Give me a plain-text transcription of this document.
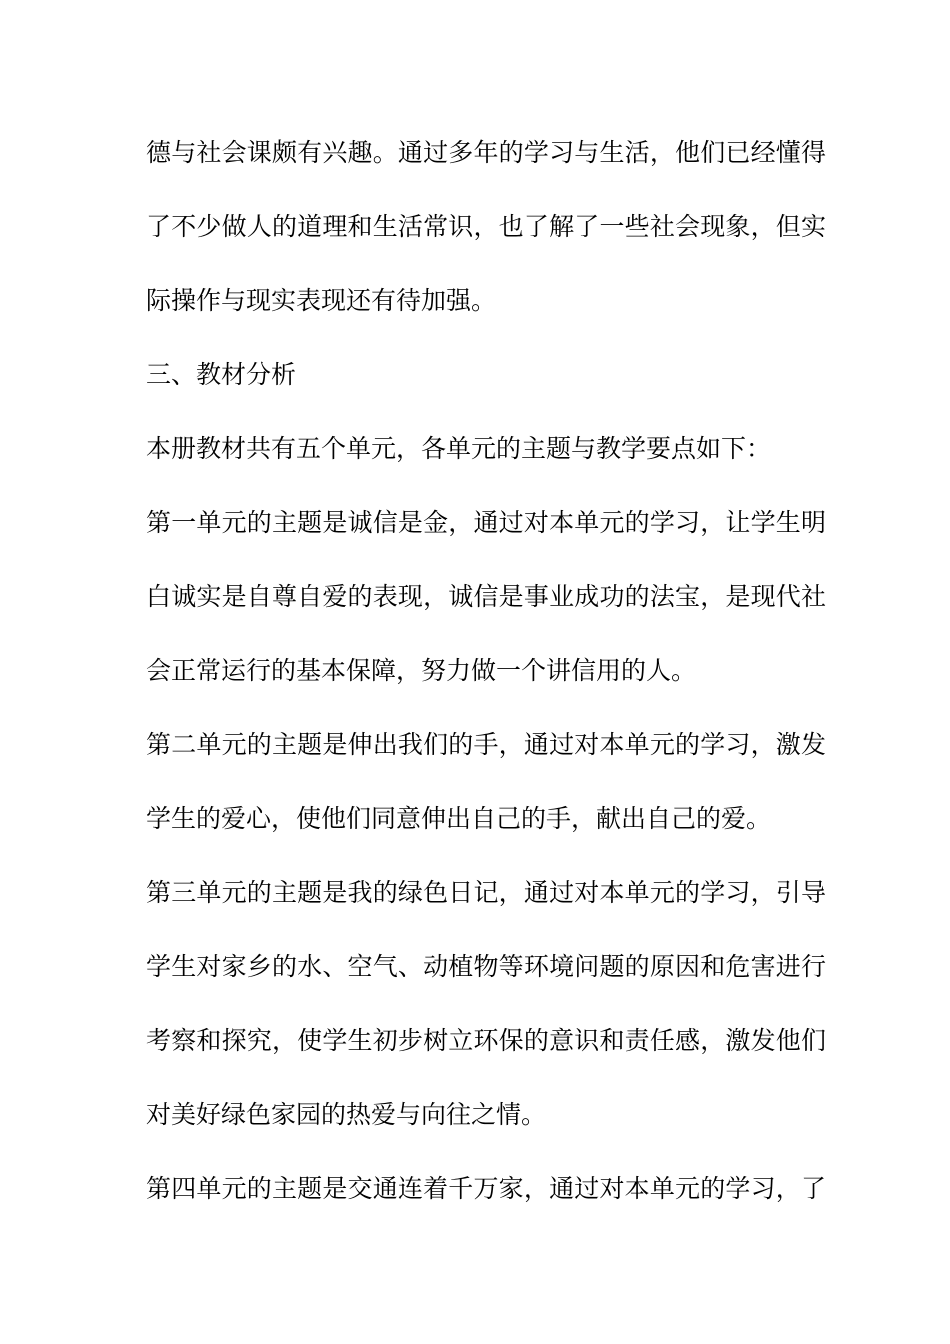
德与社会课颇有兴趣。通过多年的学习与生活，他们已经懂得
了不少做人的道理和生活常识，也了解了一些社会现象，但实
际操作与现实表现还有待加强。
三、教材分析
本册教材共有五个单元，各单元的主题与教学要点如下：
第一单元的主题是诚信是金，通过对本单元的学习，让学生明
白诚实是自尊自爱的表现，诚信是事业成功的法宝，是现代社
会正常运行的基本保障，努力做一个讲信用的人。
第二单元的主题是伸出我们的手，通过对本单元的学习，激发
学生的爱心，使他们同意伸出自己的手，献出自己的爱。
第三单元的主题是我的绿色日记，通过对本单元的学习，引导
学生对家乡的水、空气、动植物等环境问题的原因和危害进行
考察和探究，使学生初步树立环保的意识和责任感，激发他们
对美好绿色家园的热爱与向往之情。
第四单元的主题是交通连着千万家，通过对本单元的学习，了
